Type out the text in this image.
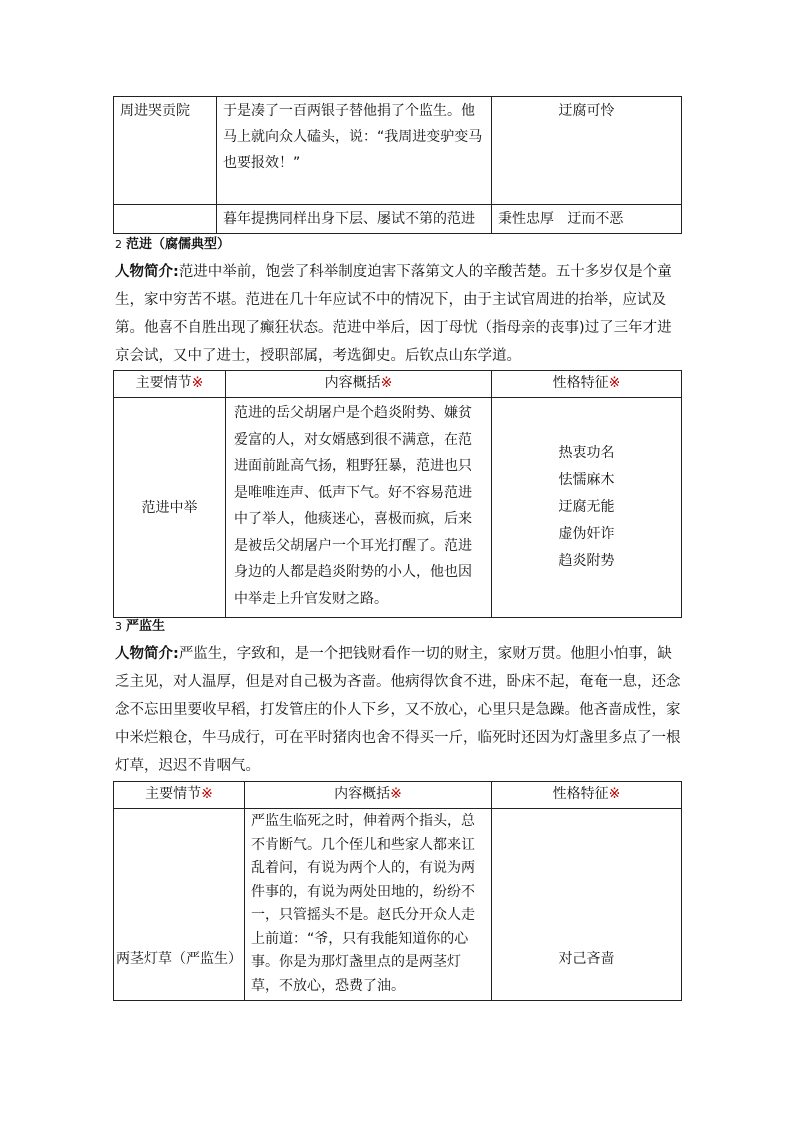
周进哭贡院	于是凑了一百两银子替他捐了个监生。他马上就向众人磕头，说：“我周进变驴变马也要报效！”	迂腐可怜
	暮年提携同样出身下层、屡试不第的范进	秉性忠厚   迂而不恶
2 范进（腐儒典型）
人物简介:范进中举前，饱尝了科举制度迫害下落第文人的辛酸苦楚。五十多岁仅是个童生，家中穷苦不堪。范进在几十年应试不中的情况下，由于主试官周进的抬举，应试及第。他喜不自胜出现了癫狂状态。范进中举后，因丁母忧（指母亲的丧事)过了三年才进京会试，又中了进士，授职部属，考选御史。后钦点山东学道。
主要情节※	内容概括※	性格特征※
范进中举	范进的岳父胡屠户是个趋炎附势、嫌贫爱富的人，对女婿感到很不满意，在范进面前趾高气扬，粗野狂暴，范进也只是唯唯连声、低声下气。好不容易范进中了举人，他痰迷心，喜极而疯，后来是被岳父胡屠户一个耳光打醒了。范进身边的人都是趋炎附势的小人，他也因中举走上升官发财之路。	热衷功名
怯懦麻木
迂腐无能
虚伪奸诈
趋炎附势
3 严监生
人物简介:严监生，字致和，是一个把钱财看作一切的财主，家财万贯。他胆小怕事，缺乏主见，对人温厚，但是对自己极为吝啬。他病得饮食不进，卧床不起，奄奄一息，还念念不忘田里要收早稻，打发管庄的仆人下乡，又不放心，心里只是急躁。他吝啬成性，家中米烂粮仓，牛马成行，可在平时猪肉也舍不得买一斤，临死时还因为灯盏里多点了一根灯草，迟迟不肯咽气。
主要情节※	内容概括※	性格特征※
两茎灯草（严监生）	严监生临死之时，伸着两个指头，总不肯断气。几个侄儿和些家人都来讧乱着问，有说为两个人的，有说为两件事的，有说为两处田地的，纷纷不一，只管摇头不是。赵氏分开众人走上前道：“爷，只有我能知道你的心事。你是为那灯盏里点的是两茎灯草，不放心，恐费了油。	对己吝啬
